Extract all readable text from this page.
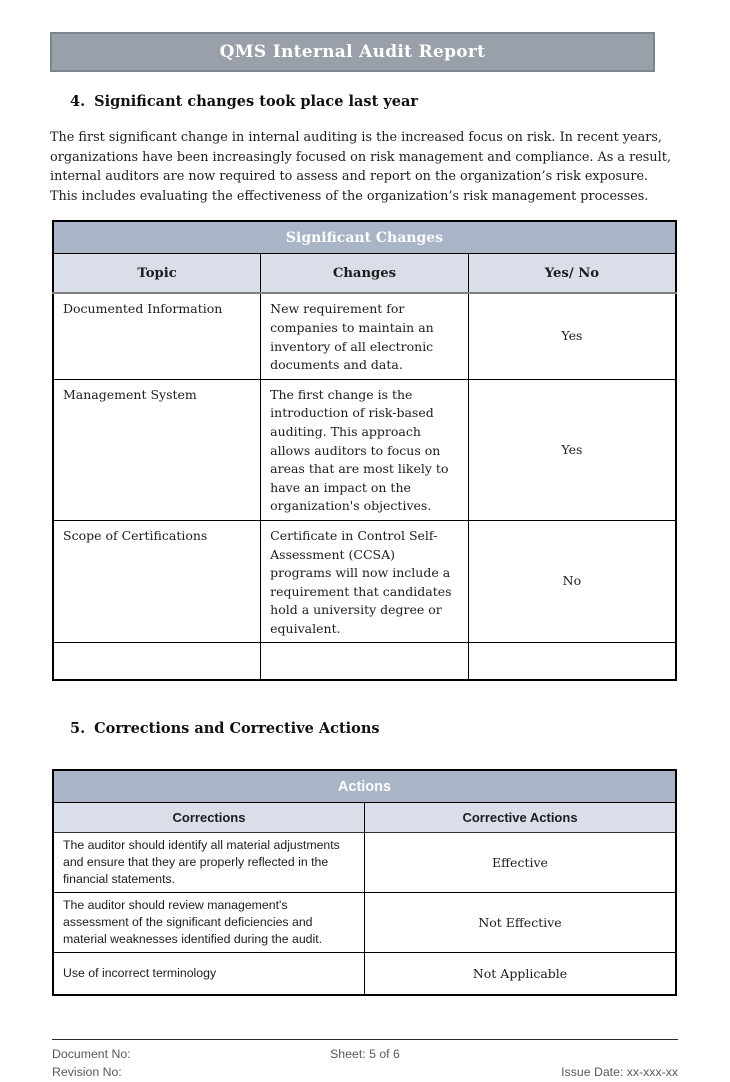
QMS Internal Audit Report
4. Significant changes took place last year

The first significant change in internal auditing is the increased focus on risk. In recent years, organizations have been increasingly focused on risk management and compliance. As a result, internal auditors are now required to assess and report on the organization’s risk exposure. This includes evaluating the effectiveness of the organization’s risk management processes.

Significant Changes		
Topic	Changes	Yes/ No
Documented Information	New requirement for companies to maintain an inventory of all electronic documents and data.	Yes
Management System	The first change is the introduction of risk-based auditing. This approach allows auditors to focus on areas that are most likely to have an impact on the organization's objectives.	Yes
Scope of Certifications	Certificate in Control Self-Assessment (CCSA) programs will now include a requirement that candidates hold a university degree or equivalent.	No

5. Corrections and Corrective Actions
Actions	
Corrections	Corrective Actions
The auditor should identify all material adjustments and ensure that they are properly reflected in the financial statements.	Effective
The auditor should review management's assessment of the significant deficiencies and material weaknesses identified during the audit.	Not Effective
Use of incorrect terminology	Not Applicable
Document No:	Sheet: 5 of 6
Revision No:	Issue Date: xx-xxx-xx
